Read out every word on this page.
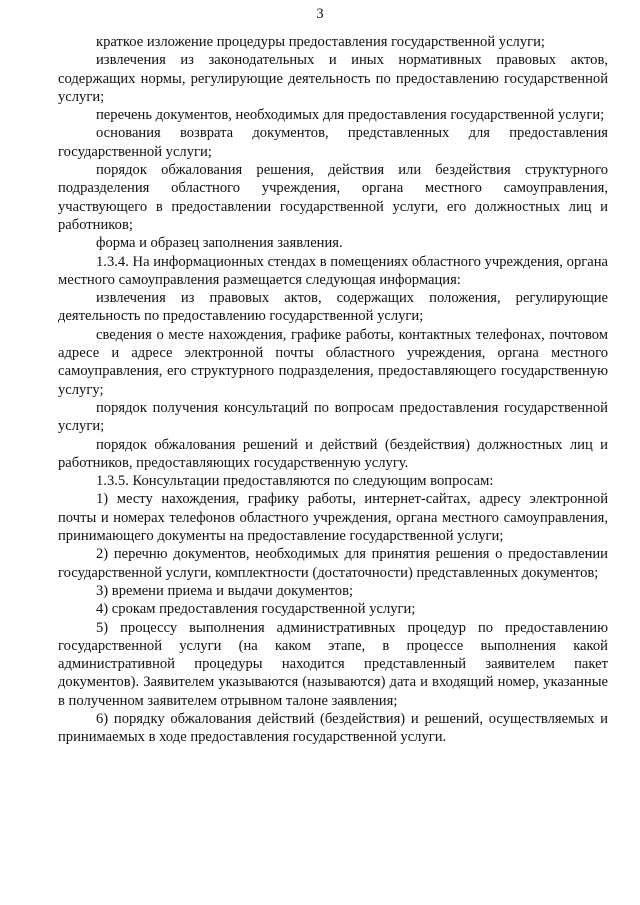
3

краткое изложение процедуры предоставления государственной услуги;

извлечения из законодательных и иных нормативных правовых актов, содержащих нормы, регулирующие деятельность по предоставлению государственной услуги;

перечень документов, необходимых для предоставления государственной услуги;

основания возврата документов, представленных для предоставления государственной услуги;

порядок обжалования решения, действия или бездействия структурного подразделения областного учреждения, органа местного самоуправления, участвующего в предоставлении государственной услуги, его должностных лиц и работников;

форма и образец заполнения заявления.

1.3.4. На информационных стендах в помещениях областного учреждения, органа местного самоуправления размещается следующая информация:

извлечения из правовых актов, содержащих положения, регулирующие деятельность по предоставлению государственной услуги;

сведения о месте нахождения, графике работы, контактных телефонах, почтовом адресе и адресе электронной почты областного учреждения, органа местного самоуправления, его структурного подразделения, предоставляющего государственную услугу;

порядок получения консультаций по вопросам предоставления государственной услуги;

порядок обжалования решений и действий (бездействия) должностных лиц и работников, предоставляющих государственную услугу.

1.3.5. Консультации предоставляются по следующим вопросам:

1) месту нахождения, графику работы, интернет-сайтах, адресу электронной почты и номерах телефонов областного учреждения, органа местного самоуправления, принимающего документы на предоставление государственной услуги;

2) перечню документов, необходимых для принятия решения о предоставлении государственной услуги, комплектности (достаточности) представленных документов;

3) времени приема и выдачи документов;

4) срокам предоставления государственной услуги;

5) процессу выполнения административных процедур по предоставлению государственной услуги (на каком этапе, в процессе выполнения какой административной процедуры находится представленный заявителем пакет документов). Заявителем указываются (называются) дата и входящий номер, указанные в полученном заявителем отрывном талоне заявления;

6) порядку обжалования действий (бездействия) и решений, осуществляемых и принимаемых в ходе предоставления государственной услуги.
